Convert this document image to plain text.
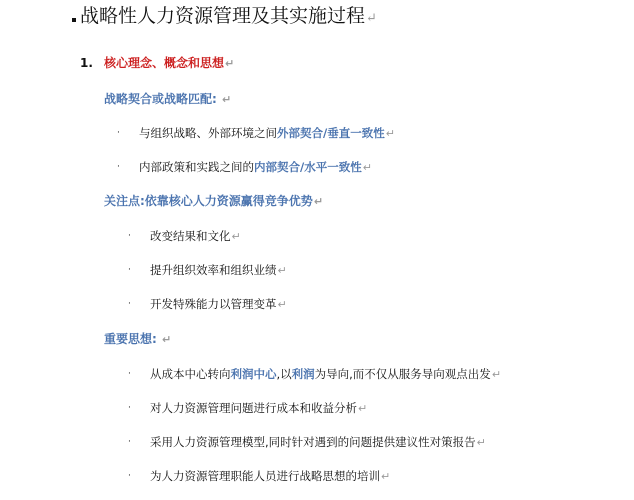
战略性人力资源管理及其实施过程↵
1. 核心理念、概念和思想↵
战略契合或战略匹配: ↵
· 与组织战略、外部环境之间外部契合/垂直一致性↵
· 内部政策和实践之间的内部契合/水平一致性↵
关注点:依靠核心人力资源赢得竞争优势↵
· 改变结果和文化↵
· 提升组织效率和组织业绩↵
· 开发特殊能力以管理变革↵
重要思想: ↵
· 从成本中心转向利润中心,以利润为导向,而不仅从服务导向观点出发↵
· 对人力资源管理问题进行成本和收益分析↵
· 采用人力资源管理模型,同时针对遇到的问题提供建议性对策报告↵
· 为人力资源管理职能人员进行战略思想的培训↵
